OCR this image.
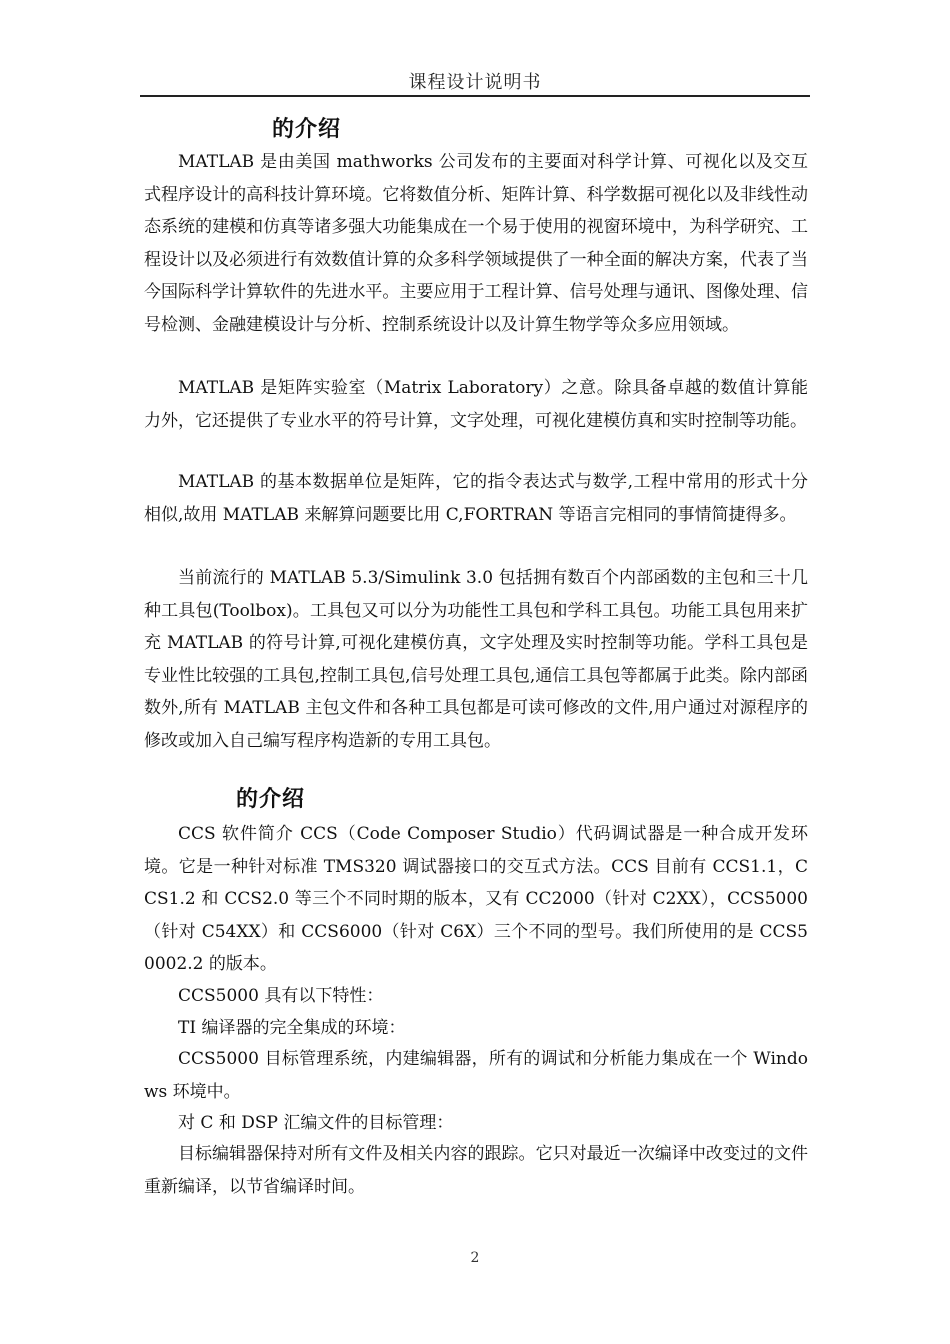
课程设计说明书
的介绍
MATLAB 是由美国 mathworks 公司发布的主要面对科学计算、可视化以及交互式程序设计的高科技计算环境。它将数值分析、矩阵计算、科学数据可视化以及非线性动态系统的建模和仿真等诸多强大功能集成在一个易于使用的视窗环境中，为科学研究、工程设计以及必须进行有效数值计算的众多科学领域提供了一种全面的解决方案，代表了当今国际科学计算软件的先进水平。主要应用于工程计算、信号处理与通讯、图像处理、信号检测、金融建模设计与分析、控制系统设计以及计算生物学等众多应用领域。
MATLAB 是矩阵实验室（Matrix Laboratory）之意。除具备卓越的数值计算能力外，它还提供了专业水平的符号计算，文字处理，可视化建模仿真和实时控制等功能。
MATLAB 的基本数据单位是矩阵，它的指令表达式与数学,工程中常用的形式十分相似,故用 MATLAB 来解算问题要比用 C,FORTRAN 等语言完相同的事情简捷得多。
当前流行的 MATLAB 5.3/Simulink 3.0 包括拥有数百个内部函数的主包和三十几种工具包(Toolbox)。工具包又可以分为功能性工具包和学科工具包。功能工具包用来扩充 MATLAB 的符号计算,可视化建模仿真，文字处理及实时控制等功能。学科工具包是专业性比较强的工具包,控制工具包,信号处理工具包,通信工具包等都属于此类。除内部函数外,所有 MATLAB 主包文件和各种工具包都是可读可修改的文件,用户通过对源程序的修改或加入自己编写程序构造新的专用工具包。
的介绍
CCS 软件简介 CCS（Code Composer Studio）代码调试器是一种合成开发环境。它是一种针对标准 TMS320 调试器接口的交互式方法。CCS 目前有 CCS1.1，CCS1.2 和 CCS2.0 等三个不同时期的版本，又有 CC2000（针对 C2XX），CCS5000（针对 C54XX）和 CCS6000（针对 C6X）三个不同的型号。我们所使用的是 CCS50002.2 的版本。
CCS5000 具有以下特性：
TI 编译器的完全集成的环境：
CCS5000 目标管理系统，内建编辑器，所有的调试和分析能力集成在一个 Windows 环境中。
对 C 和 DSP 汇编文件的目标管理：
目标编辑器保持对所有文件及相关内容的跟踪。它只对最近一次编译中改变过的文件重新编译，以节省编译时间。
2
